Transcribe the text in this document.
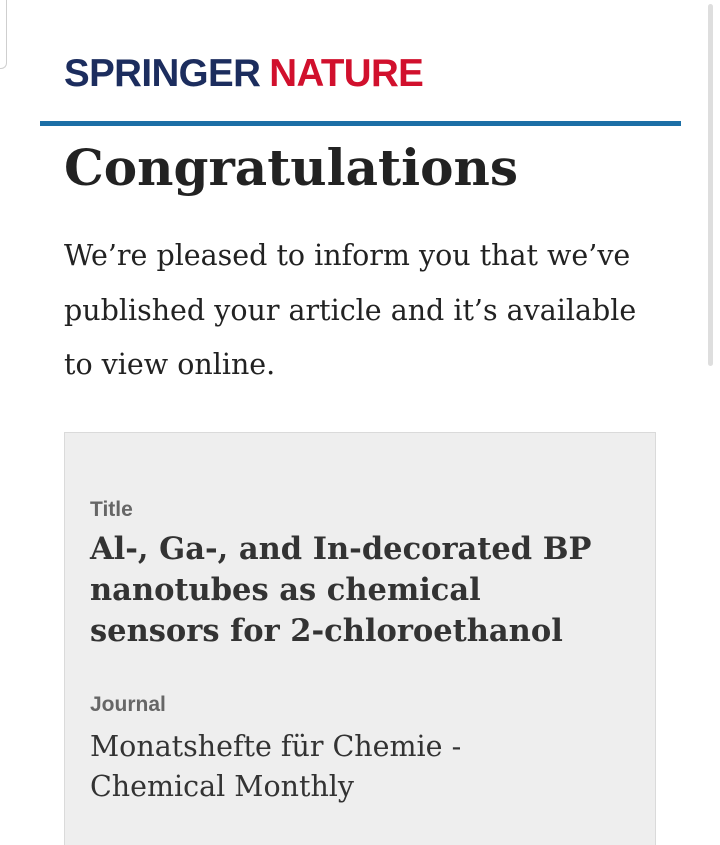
SPRINGER NATURE
Congratulations

We’re pleased to inform you that we’ve
published your article and it’s available
to view online.

Title
Al-, Ga-, and In-decorated BP
nanotubes as chemical
sensors for 2-chloroethanol
Journal
Monatshefte für Chemie -
Chemical Monthly
